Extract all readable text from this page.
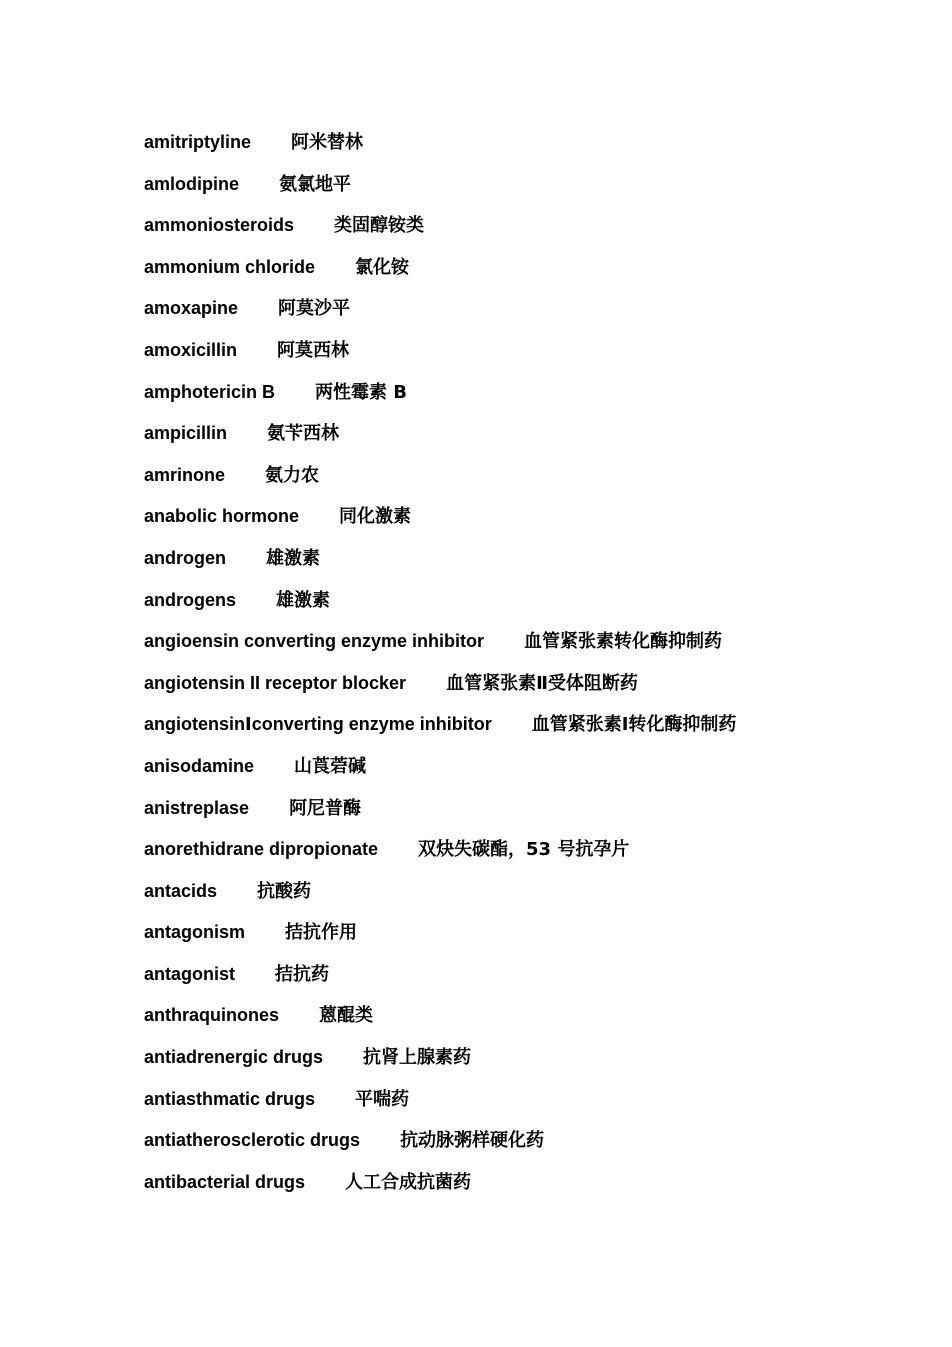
amitriptyline 阿米替林
amlodipine 氨氯地平
ammoniosteroids 类固醇铵类
ammonium chloride 氯化铵
amoxapine 阿莫沙平
amoxicillin 阿莫西林
amphotericin B 两性霉素 B
ampicillin 氨苄西林
amrinone 氨力农
anabolic hormone 同化激素
androgen 雄激素
androgens 雄激素
angioensin converting enzyme inhibitor 血管紧张素转化酶抑制药
angiotensin II receptor blocker 血管紧张素Ⅱ受体阻断药
angiotensinⅠconverting enzyme inhibitor 血管紧张素Ⅰ转化酶抑制药
anisodamine 山莨菪碱
anistreplase 阿尼普酶
anorethidrane dipropionate 双炔失碳酯，53 号抗孕片
antacids 抗酸药
antagonism 拮抗作用
antagonist 拮抗药
anthraquinones 蒽醌类
antiadrenergic drugs 抗肾上腺素药
antiasthmatic drugs 平喘药
antiatherosclerotic drugs 抗动脉粥样硬化药
antibacterial drugs 人工合成抗菌药
